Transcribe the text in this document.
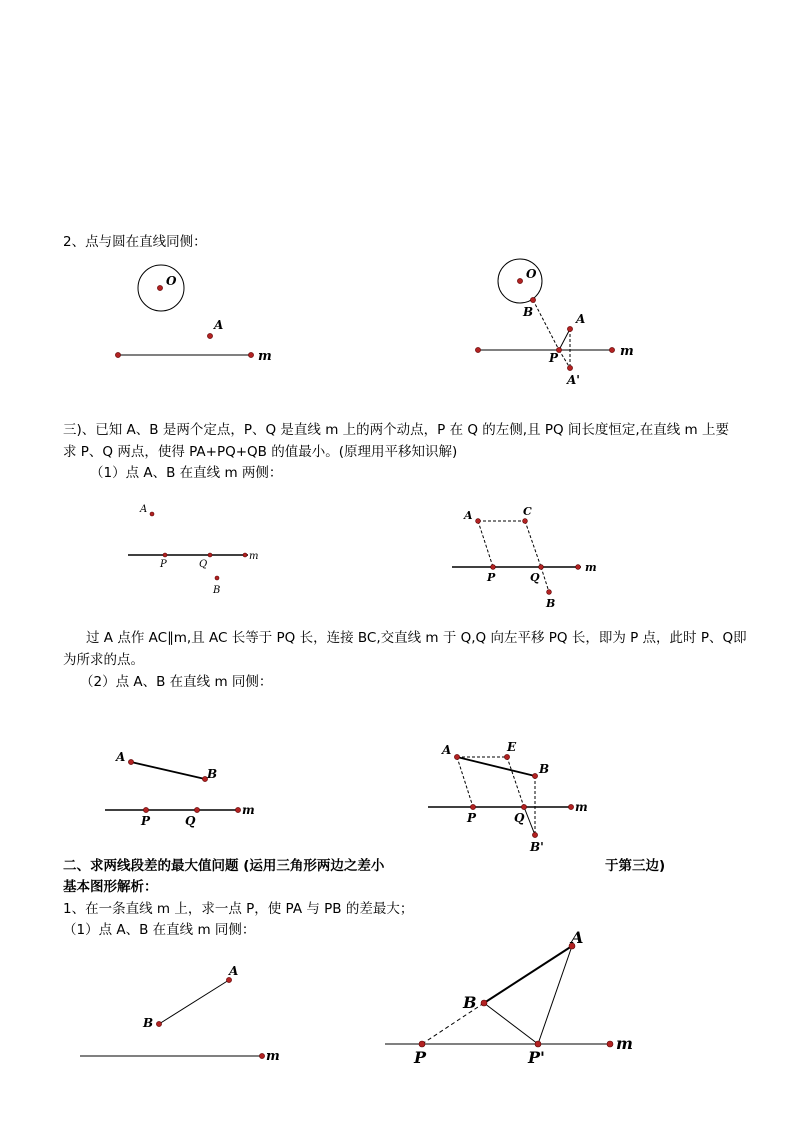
2、点与圆在直线同侧：
三)、已知 A、B 是两个定点，P、Q 是直线 m 上的两个动点，P 在 Q 的左侧,且 PQ 间长度恒定,在直线 m 上要
求 P、Q 两点，使得 PA+PQ+QB 的值最小。(原理用平移知识解)
（1）点 A、B 在直线 m 两侧：
过 A 点作 AC∥m,且 AC 长等于 PQ 长，连接 BC,交直线 m 于 Q,Q 向左平移 PQ 长，即为 P 点，此时 P、Q即
为所求的点。
（2）点 A、B 在直线 m 同侧：
二、求两线段差的最大值问题 (运用三角形两边之差小	于第三边)
基本图形解析：
1、在一条直线 m 上，求一点 P，使 PA 与 PB 的差最大；
（1）点 A、B 在直线 m 同侧：
O
A
m
O
B	A
P
A'
m
A
P	Q
m
B
A	C
P	Q
B
m
A
B
P	Q
m
A	E
B
P	Q
B'
m
A
B
m
A
B
P	P'
m
